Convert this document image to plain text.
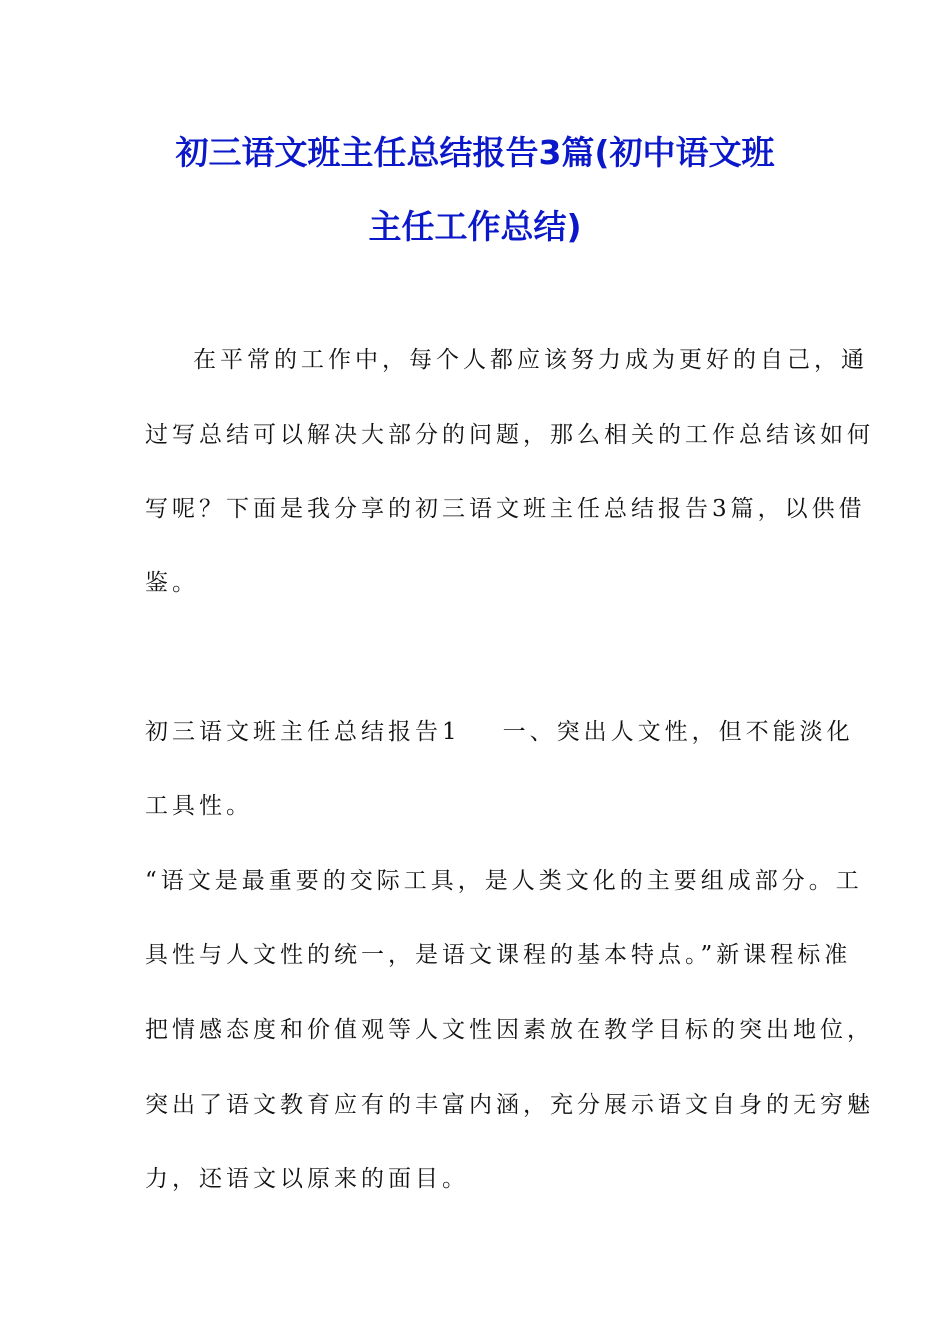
初三语文班主任总结报告3篇(初中语文班
主任工作总结)

在平常的工作中，每个人都应该努力成为更好的自己，通

过写总结可以解决大部分的问题，那么相关的工作总结该如何

写呢？下面是我分享的初三语文班主任总结报告3篇，以供借

鉴。

初三语文班主任总结报告1 一、突出人文性，但不能淡化

工具性。

“语文是最重要的交际工具，是人类文化的主要组成部分。工

具性与人文性的统一，是语文课程的基本特点。”新课程标准

把情感态度和价值观等人文性因素放在教学目标的突出地位，

突出了语文教育应有的丰富内涵，充分展示语文自身的无穷魅

力，还语文以原来的面目。
